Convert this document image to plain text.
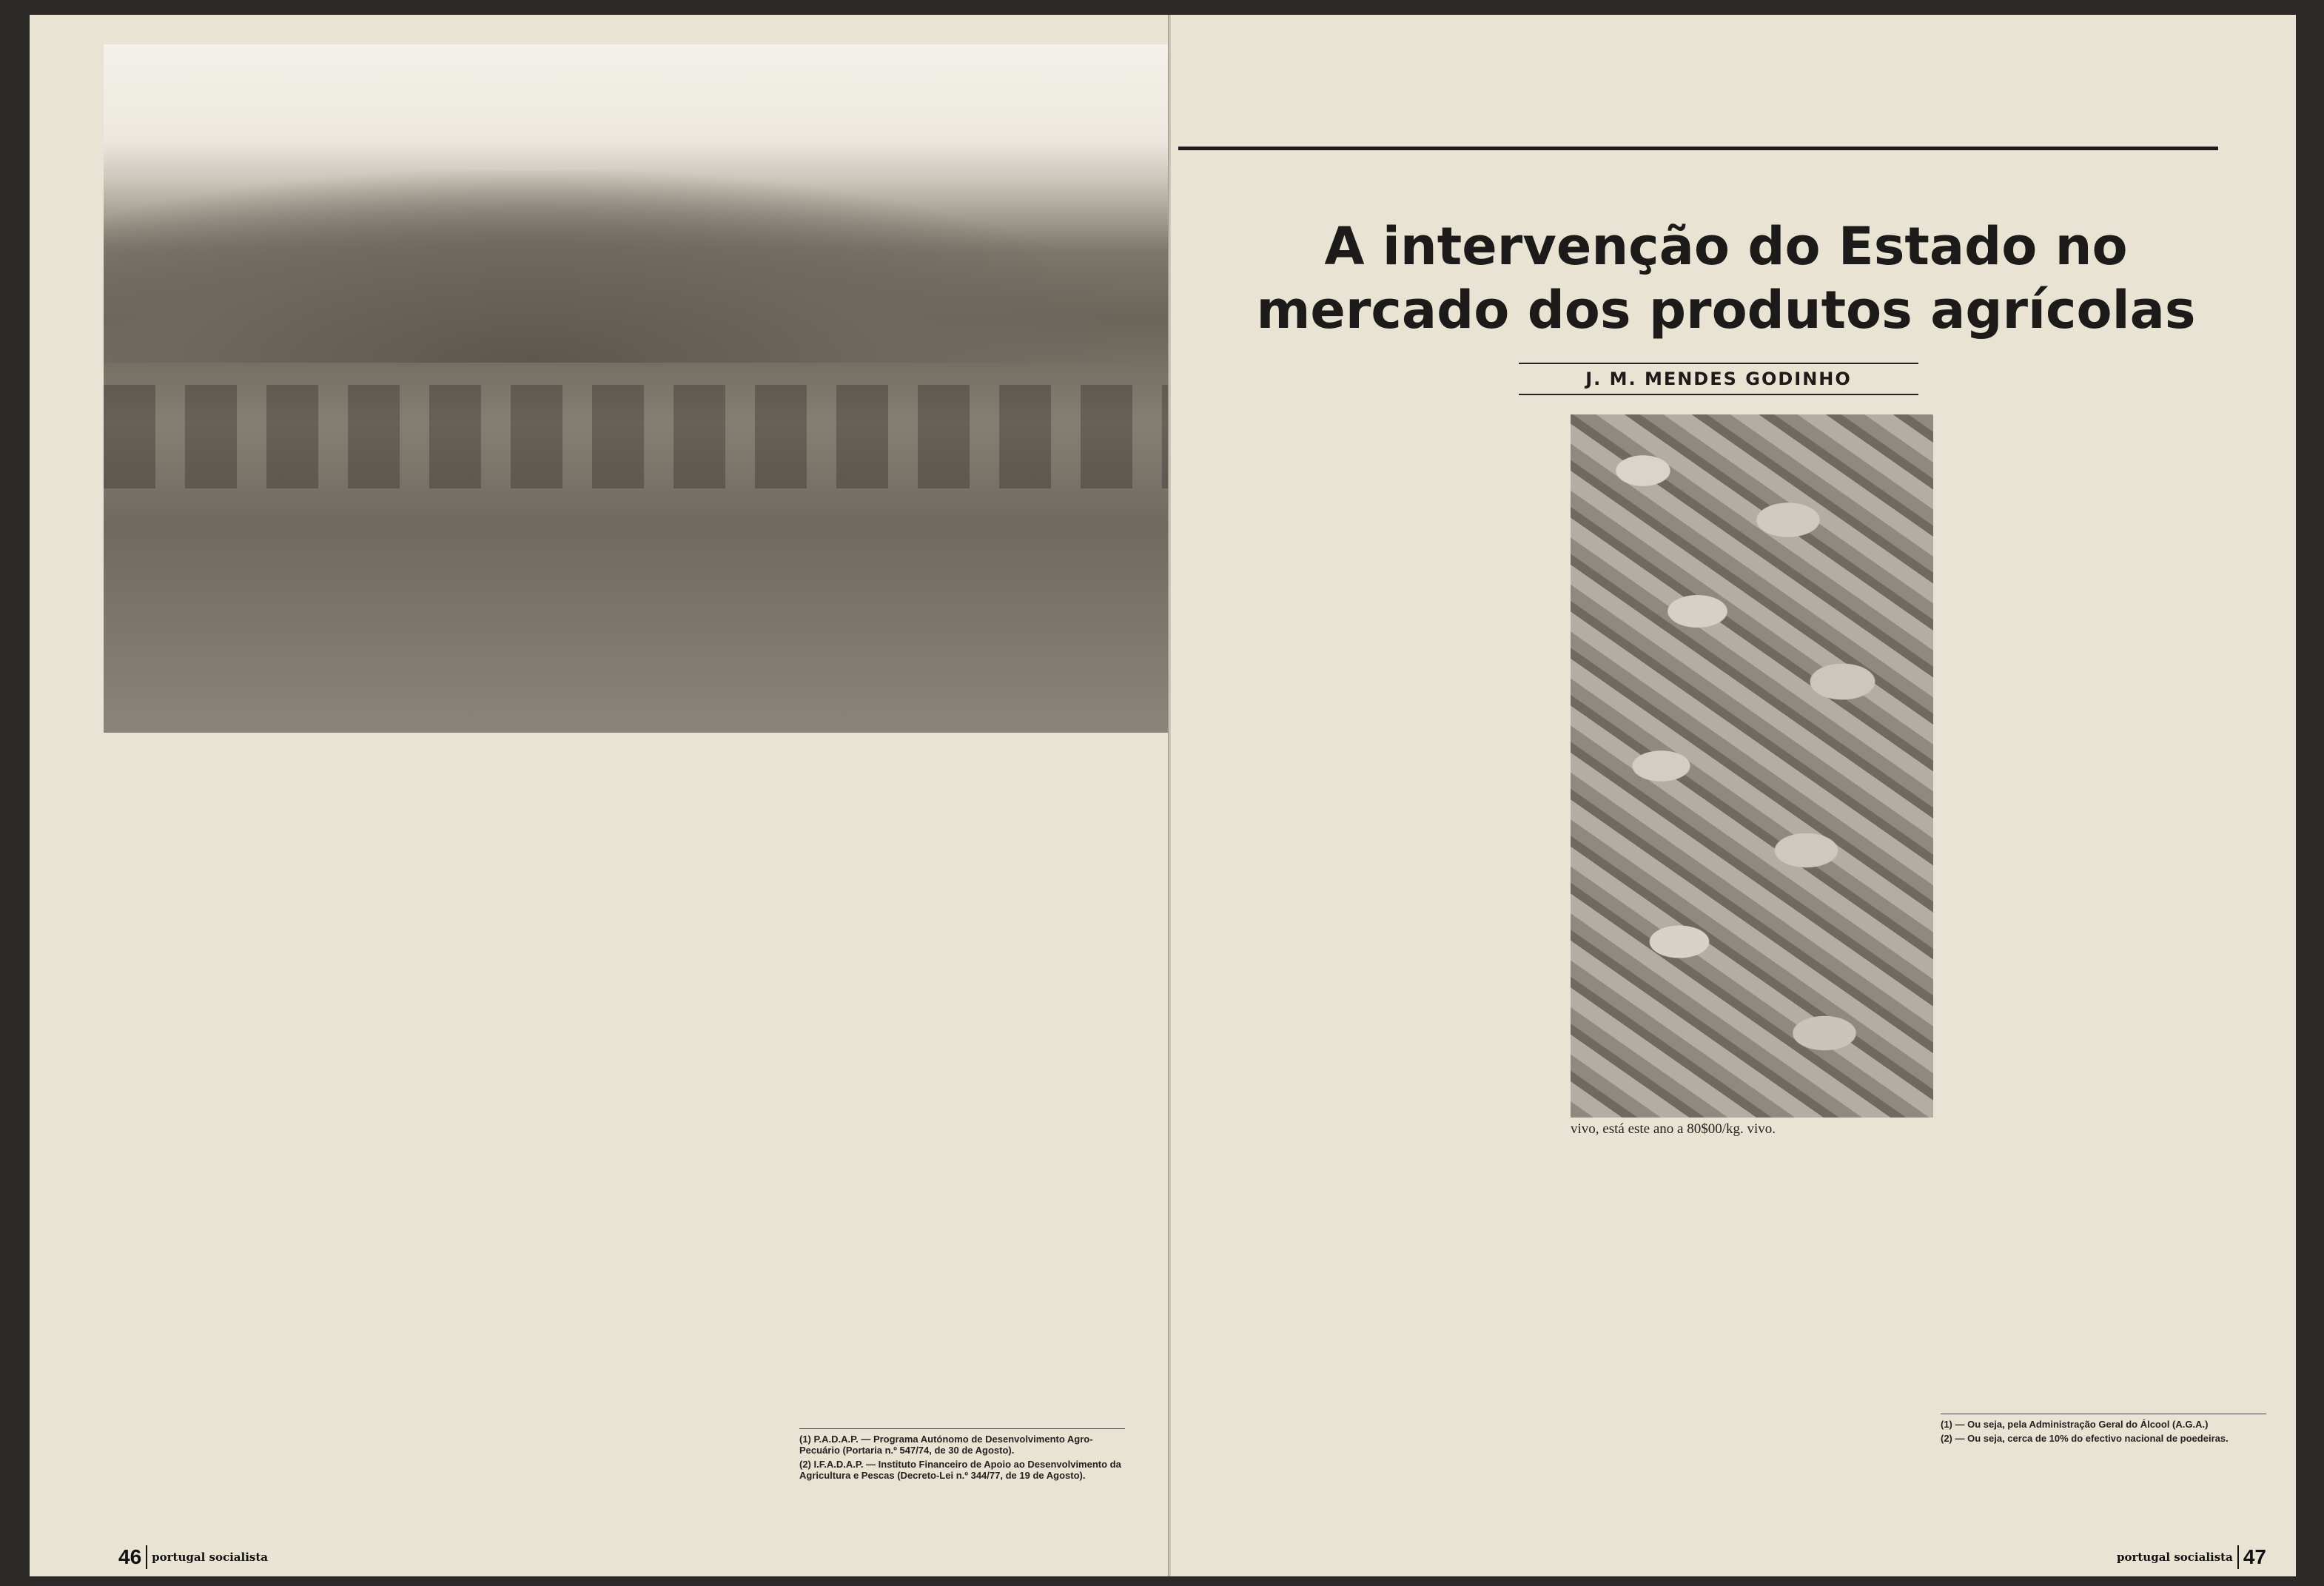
(1) P.A.D.A.P. — Programa Autónomo de Desenvolvimento Agro-Pecuário (Portaria n.º 547/74, de 30 de Agosto).

(2) I.F.A.D.A.P. — Instituto Financeiro de Apoio ao Desenvolvimento da Agricultura e Pescas (Decreto-Lei n.º 344/77, de 19 de Agosto).

46 portugal socialista
A intervenção do Estado no mercado dos produtos agrícolas
J. M. MENDES GODINHO
vivo, está este ano a 80$00/kg. vivo.

(1) — Ou seja, pela Administração Geral do Álcool (A.G.A.)

(2) — Ou seja, cerca de 10% do efectivo nacional de poedeiras.

portugal socialista 47
